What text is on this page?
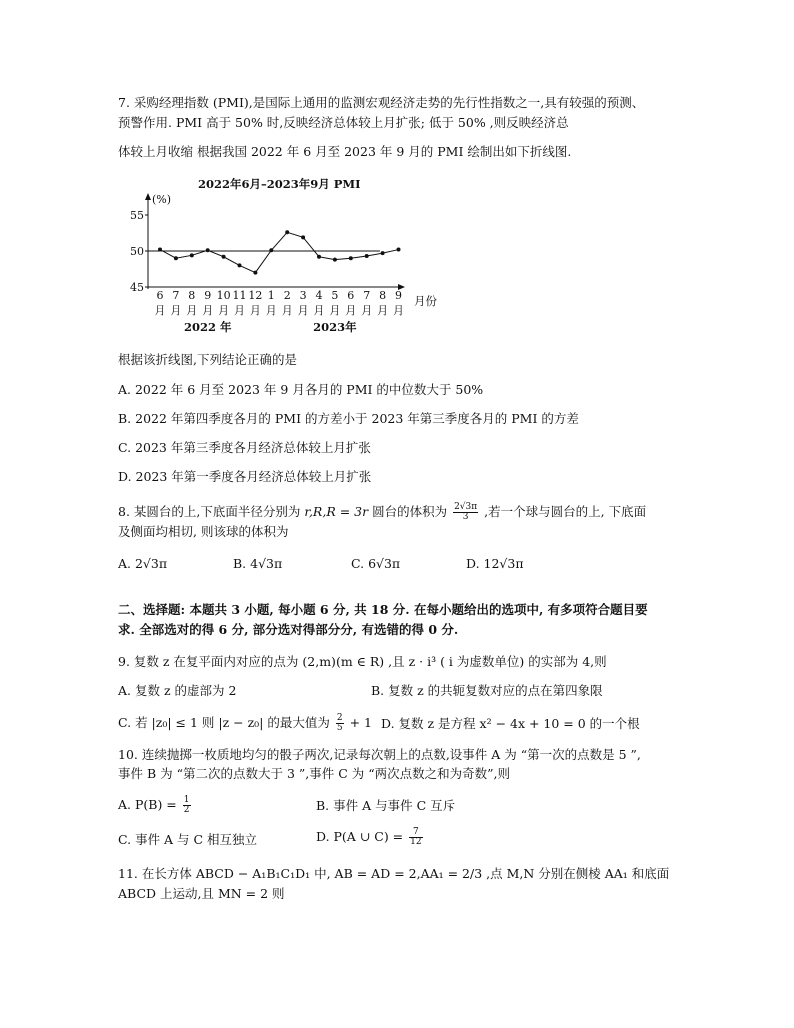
7. 采购经理指数 (PMI),是国际上通用的监测宏观经济走势的先行性指数之一,具有较强的预测、
预警作用. PMI 高于 50% 时,反映经济总体较上月扩张; 低于 50% ,则反映经济总
体较上月收缩 根据我国 2022 年 6 月至 2023 年 9 月的 PMI 绘制出如下折线图.
2022年6月–2023年9月 PMI
(%)
月份
45
50
55
6
月
7
月
8
月
9
月
10
月
11
月
12
月
1
月
2
月
3
月
4
月
5
月
6
月
7
月
8
月
9
月
2022 年	2023年
根据该折线图,下列结论正确的是
A. 2022 年 6 月至 2023 年 9 月各月的 PMI 的中位数大于 50%
B. 2022 年第四季度各月的 PMI 的方差小于 2023 年第三季度各月的 PMI 的方差
C. 2023 年第三季度各月经济总体较上月扩张
D. 2023 年第一季度各月经济总体较上月扩张
8. 某圆台的上,下底面半径分别为 r,R,R = 3r 圆台的体积为 $\frac{2√3\pi}{3}$ ,若一个球与圆台的上, 下底面
及侧面均相切, 则该球的体积为
A. 2√3π	B. 4√3π	C. 6√3π	D. 12√3π
二、选择题: 本题共 3 小题, 每小题 6 分, 共 18 分. 在每小题给出的选项中, 有多项符合题目要
求. 全部选对的得 6 分, 部分选对得部分分, 有选错的得 0 分.
9. 复数 z 在复平面内对应的点为 (2,m)(m ∈ R) ,且 z · i³ ( i 为虚数单位) 的实部为 4,则
A. 复数 z 的虚部为 2	B. 复数 z 的共轭复数对应的点在第四象限
C. 若 |z₀| ≤ 1 则 |z − z₀| 的最大值为 $\frac{2}{5} + 1$ D. 复数 z 是方程 x² − 4x + 10 = 0 的一个根
10. 连续抛掷一枚质地均匀的骰子两次,记录每次朝上的点数,设事件 A 为 “第一次的点数是 5 ”,
事件 B 为 “第二次的点数大于 3 ”,事件 C 为 “两次点数之和为奇数”,则
A. $P(B) = \frac{1}{2}$	B. 事件 A 与事件 C 互斥
C. 事件 A 与 C 相互独立	D. P(A ∪ $C) = \frac{7}{12}$
11. 在长方体 ABCD − A₁B₁C₁D₁ 中, AB = AD = 2,AA₁ = 2/3 ,点 M,N 分别在侧棱 AA₁ 和底面
ABCD 上运动,且 MN = 2 则
